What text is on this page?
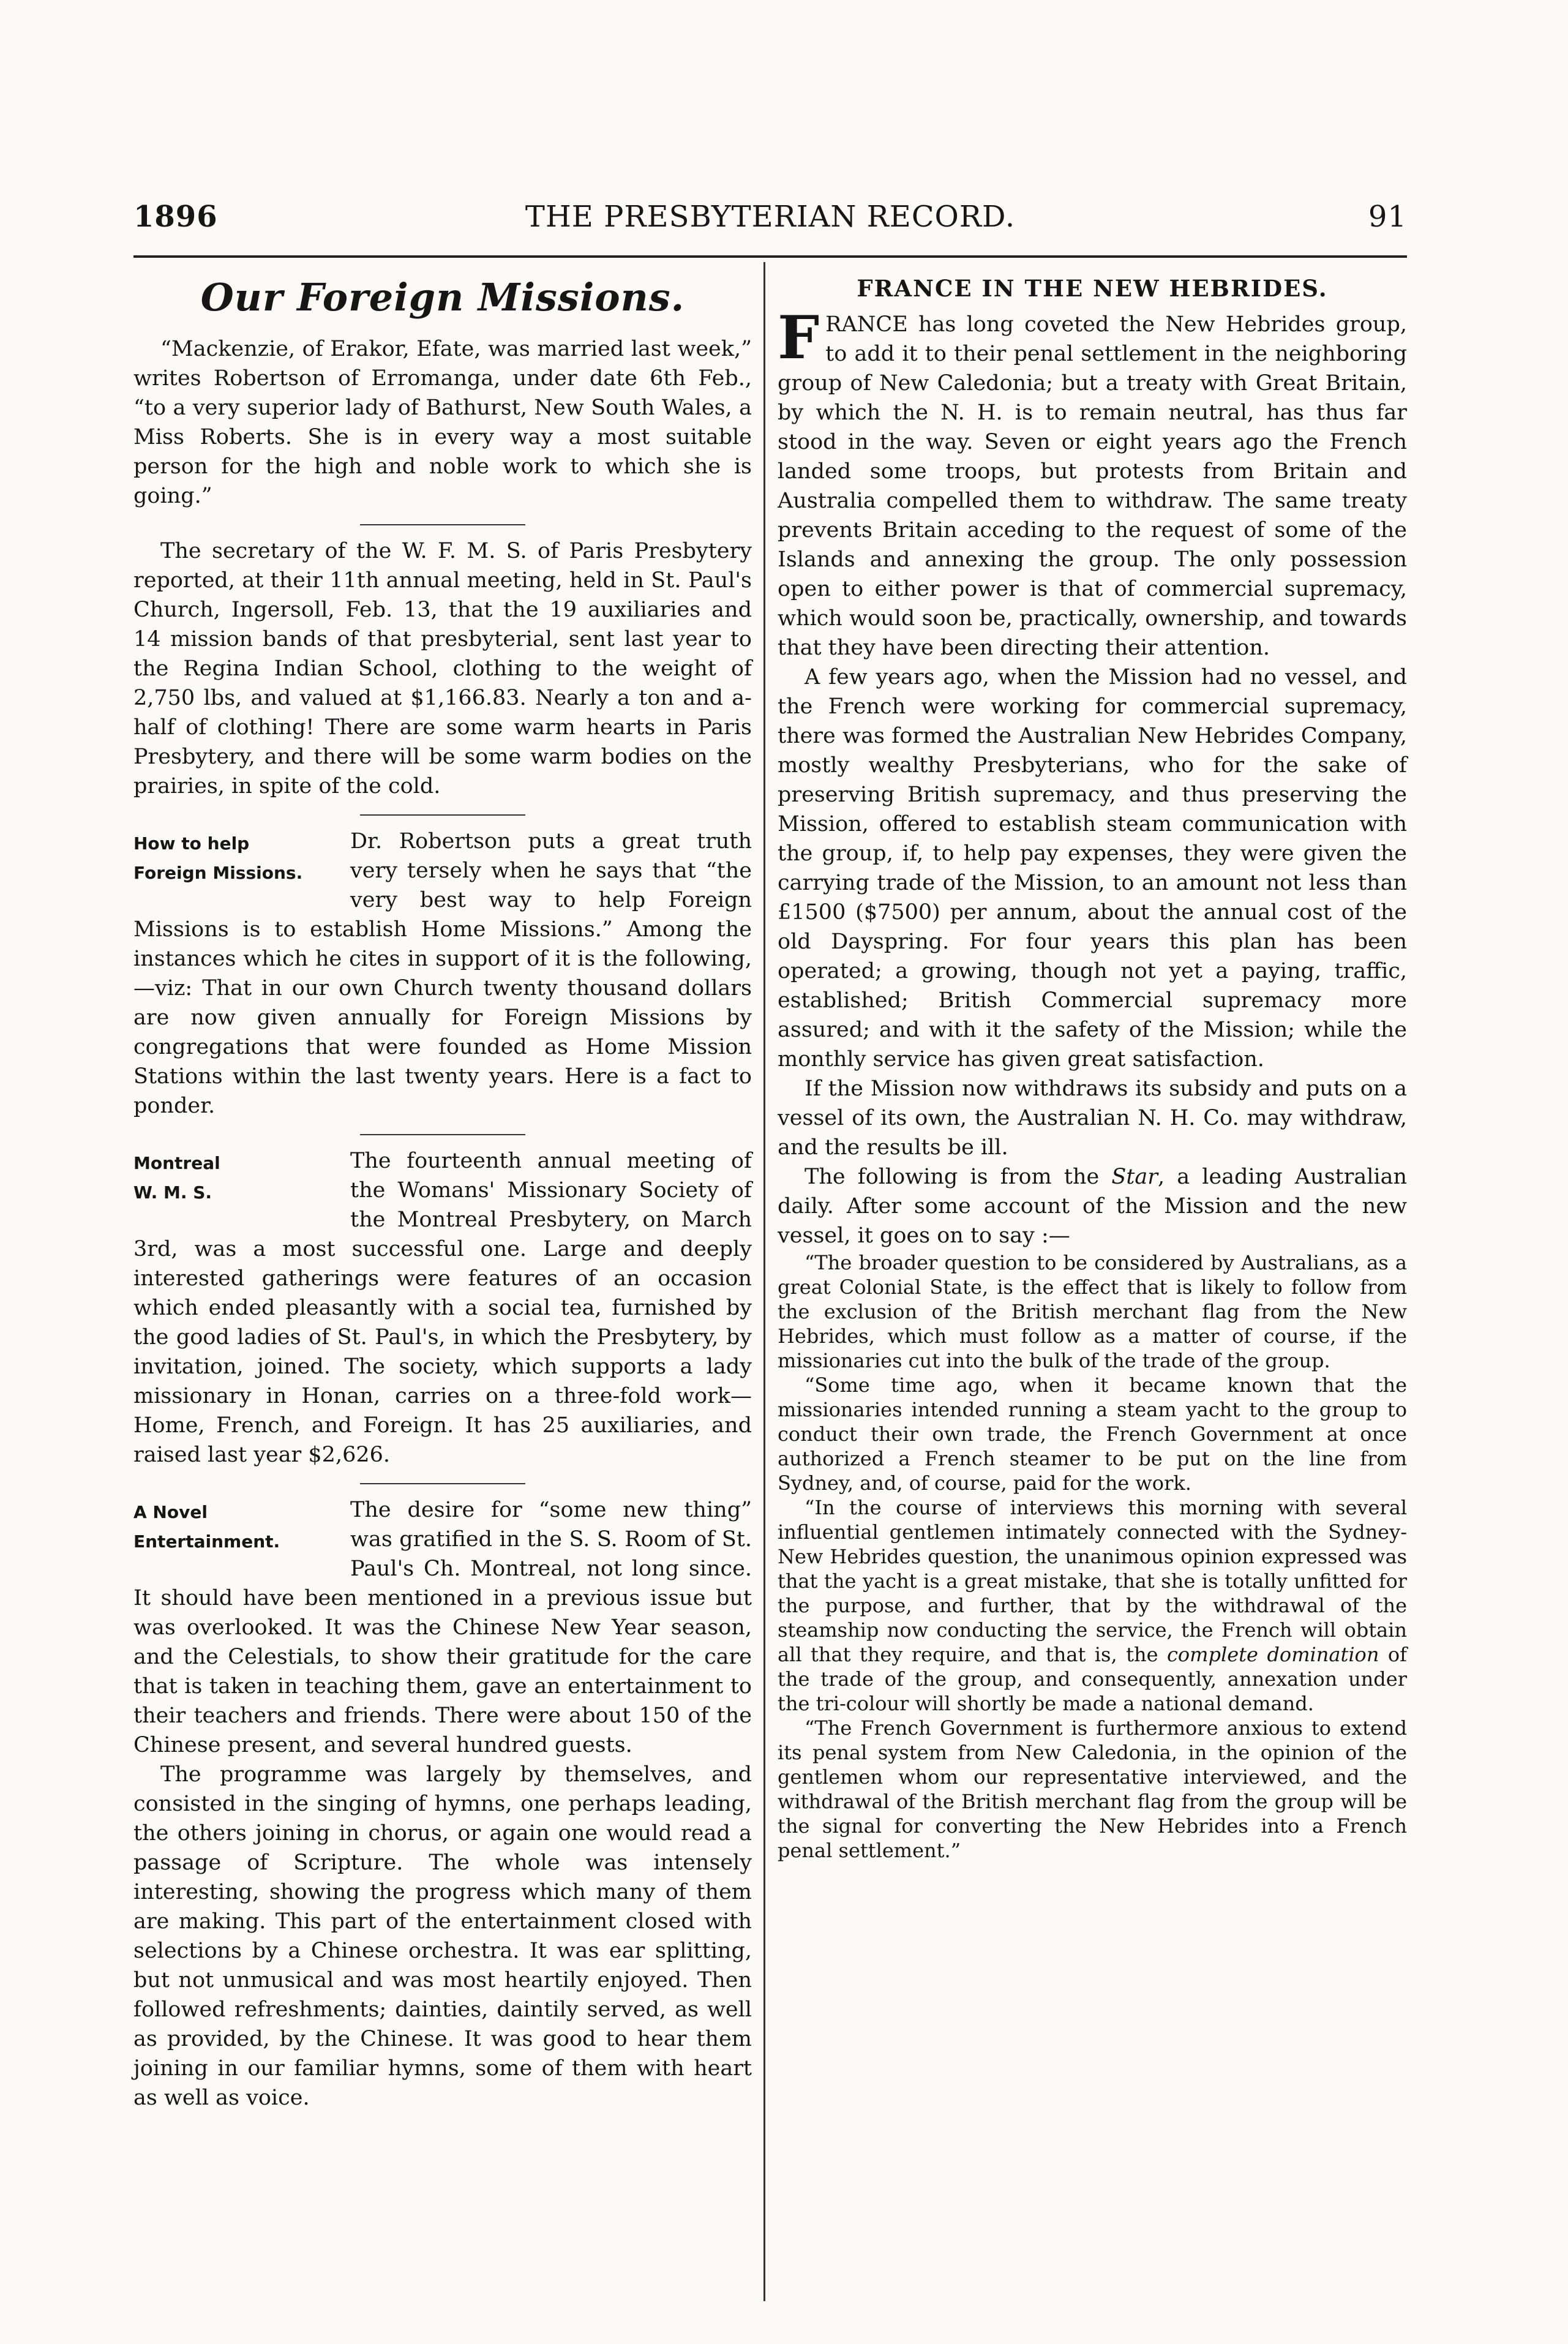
1896	THE PRESBYTERIAN RECORD.	91
Our Foreign Missions.

“Mackenzie, of Erakor, Efate, was married last week,” writes Robertson of Erromanga, under date 6th Feb., “to a very superior lady of Bathurst, New South Wales, a Miss Roberts. She is in every way a most suitable person for the high and noble work to which she is going.”

The secretary of the W. F. M. S. of Paris Presbytery reported, at their 11th annual meeting, held in St. Paul's Church, Ingersoll, Feb. 13, that the 19 auxiliaries and 14 mission bands of that presbyterial, sent last year to the Regina Indian School, clothing to the weight of 2,750 lbs, and valued at $1,166.83. Nearly a ton and a-half of clothing! There are some warm hearts in Paris Presbytery, and there will be some warm bodies on the prairies, in spite of the cold.

How to help
Foreign Missions.

Dr. Robertson puts a great truth very tersely when he says that “the very best way to help Foreign Missions is to establish Home Missions.” Among the instances which he cites in support of it is the following,—viz: That in our own Church twenty thousand dollars are now given annually for Foreign Missions by congregations that were founded as Home Mission Stations within the last twenty years. Here is a fact to ponder.

Montreal
W. M. S.

The fourteenth annual meeting of the Womans' Missionary Society of the Montreal Presbytery, on March 3rd, was a most successful one. Large and deeply interested gatherings were features of an occasion which ended pleasantly with a social tea, furnished by the good ladies of St. Paul's, in which the Presbytery, by invitation, joined. The society, which supports a lady missionary in Honan, carries on a three-fold work—Home, French, and Foreign. It has 25 auxiliaries, and raised last year $2,626.

A Novel
Entertainment.

The desire for “some new thing” was gratified in the S. S. Room of St. Paul's Ch. Montreal, not long since. It should have been mentioned in a previous issue but was overlooked. It was the Chinese New Year season, and the Celestials, to show their gratitude for the care that is taken in teaching them, gave an entertainment to their teachers and friends. There were about 150 of the Chinese present, and several hundred guests.

The programme was largely by themselves, and consisted in the singing of hymns, one perhaps leading, the others joining in chorus, or again one would read a passage of Scripture. The whole was intensely interesting, showing the progress which many of them are making. This part of the entertainment closed with selections by a Chinese orchestra. It was ear splitting, but not unmusical and was most heartily enjoyed. Then followed refreshments; dainties, daintily served, as well as provided, by the Chinese. It was good to hear them joining in our familiar hymns, some of them with heart as well as voice.

FRANCE IN THE NEW HEBRIDES.

FRANCE has long coveted the New Hebrides group, to add it to their penal settlement in the neighboring group of New Caledonia; but a treaty with Great Britain, by which the N. H. is to remain neutral, has thus far stood in the way. Seven or eight years ago the French landed some troops, but protests from Britain and Australia compelled them to withdraw. The same treaty prevents Britain acceding to the request of some of the Islands and annexing the group. The only possession open to either power is that of commercial supremacy, which would soon be, practically, ownership, and towards that they have been directing their attention.

A few years ago, when the Mission had no vessel, and the French were working for commercial supremacy, there was formed the Australian New Hebrides Company, mostly wealthy Presbyterians, who for the sake of preserving British supremacy, and thus preserving the Mission, offered to establish steam communication with the group, if, to help pay expenses, they were given the carrying trade of the Mission, to an amount not less than £1500 ($7500) per annum, about the annual cost of the old Dayspring. For four years this plan has been operated; a growing, though not yet a paying, traffic, established; British Commercial supremacy more assured; and with it the safety of the Mission; while the monthly service has given great satisfaction.

If the Mission now withdraws its subsidy and puts on a vessel of its own, the Australian N. H. Co. may withdraw, and the results be ill.

The following is from the Star, a leading Australian daily. After some account of the Mission and the new vessel, it goes on to say :—

“The broader question to be considered by Australians, as a great Colonial State, is the effect that is likely to follow from the exclusion of the British merchant flag from the New Hebrides, which must follow as a matter of course, if the missionaries cut into the bulk of the trade of the group.

“Some time ago, when it became known that the missionaries intended running a steam yacht to the group to conduct their own trade, the French Government at once authorized a French steamer to be put on the line from Sydney, and, of course, paid for the work.

“In the course of interviews this morning with several influential gentlemen intimately connected with the Sydney-New Hebrides question, the unanimous opinion expressed was that the yacht is a great mistake, that she is totally unfitted for the purpose, and further, that by the withdrawal of the steamship now conducting the service, the French will obtain all that they require, and that is, the complete domination of the trade of the group, and consequently, annexation under the tri-colour will shortly be made a national demand.

“The French Government is furthermore anxious to extend its penal system from New Caledonia, in the opinion of the gentlemen whom our representative interviewed, and the withdrawal of the British merchant flag from the group will be the signal for converting the New Hebrides into a French penal settlement.”
